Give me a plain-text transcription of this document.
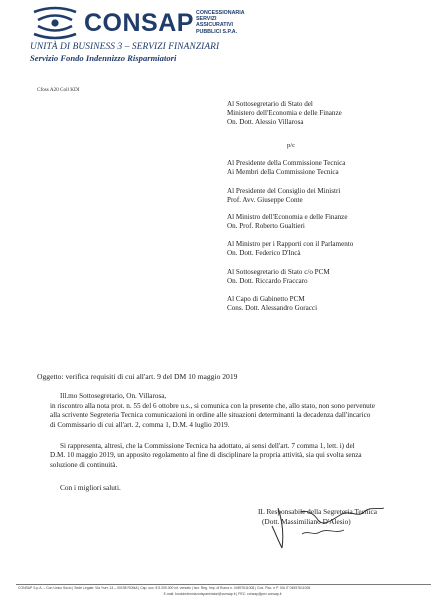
CONSAP CONCESSIONARIA
SERVIZI
ASSICURATIVI
PUBBLICI S.P.A.
UNITÀ DI BUSINESS 3 – SERVIZI FINANZIARI
Servizio Fondo Indennizzo Risparmiatori
Cfoss A20 Coll KDI
Al Sottosegretario di Stato del
Ministero dell'Economia e delle Finanze
On. Dott. Alessio Villarosa
p/c
Al Presidente della Commissione Tecnica
Ai Membri della Commissione Tecnica
Al Presidente del Consiglio dei Ministri
Prof. Avv. Giuseppe Conte
Al Ministro dell'Economia e delle Finanze
On. Prof. Roberto Gualtieri
Al Ministro per i Rapporti con il Parlamento
On. Dott. Federico D'Incà
Al Sottosegretario di Stato c/o PCM
On. Dott. Riccardo Fraccaro
Al Capo di Gabinetto PCM
Cons. Dott. Alessandro Goracci
Oggetto: verifica requisiti di cui all'art. 9 del DM 10 maggio 2019
Ill.mo Sottosegretario, On. Villarosa,
in riscontro alla nota prot. n. 55 del 6 ottobre u.s., si comunica con la presente che, allo stato, non sono pervenute
alla scrivente Segreteria Tecnica comunicazioni in ordine alle situazioni determinanti la decadenza dall'incarico
di Commissario di cui all'art. 2, comma 1, D.M. 4 luglio 2019.
Si rappresenta, altresì, che la Commissione Tecnica ha adottato, ai sensi dell'art. 7 comma 1, lett. i) del
D.M. 10 maggio 2019, un apposito regolamento al fine di disciplinare la propria attività, sia qui svolta senza
soluzione di continuità.
Con i migliori saluti.
IL Responsabile della Segreteria Tecnica
(Dott. Massimiliano D'Alesio)
CONSAP S.p.A. – Con Unico Socio | Sede Legale: Via Yser, 14 – 00198 ROMA | Cap. soc. € 5.200.000 int. versato | Iscr. Reg. Imp. di Roma n. 04597611008 | Cod. Fisc. e P. IVA IT 04597611008
E-mail: fondoindennizzorisparmiatori@consap.it | PEC: consap@pec.consap.it
